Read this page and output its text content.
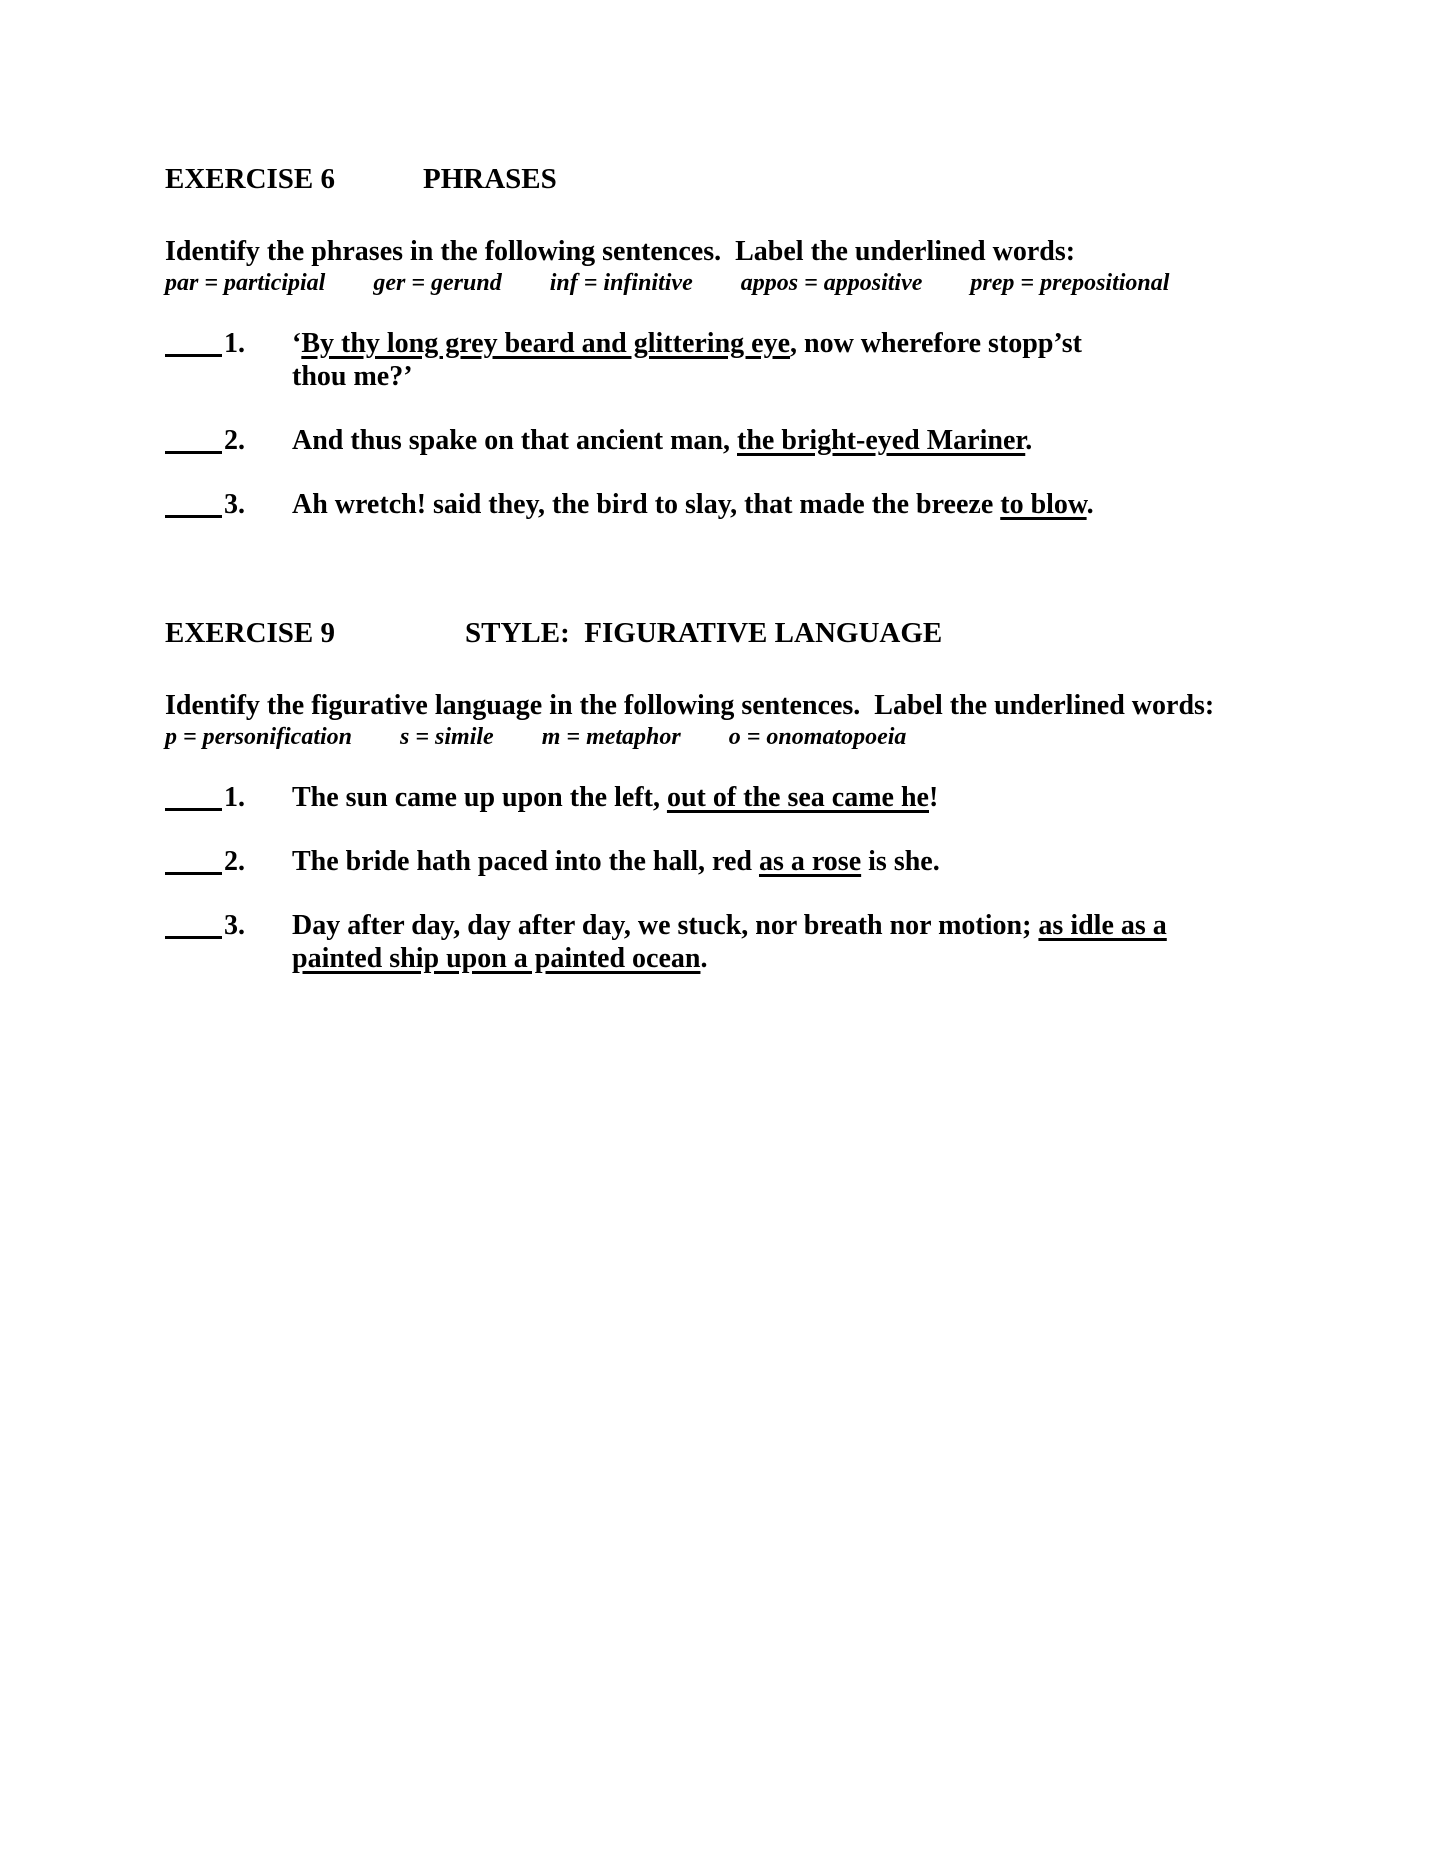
EXERCISE 6	PHRASES
Identify the phrases in the following sentences.  Label the underlined words:
par = participial ger = gerund inf = infinitive appos = appositive prep = prepositional
1.	‘By thy long grey beard and glittering eye, now wherefore stopp’st
thou me?’
2.	And thus spake on that ancient man, the bright-eyed Mariner.
3.	Ah wretch! said they, the bird to slay, that made the breeze to blow.
EXERCISE 9	STYLE:  FIGURATIVE LANGUAGE
Identify the figurative language in the following sentences.  Label the underlined words:
p = personification s = simile m = metaphor o = onomatopoeia
1.	The sun came up upon the left, out of the sea came he!
2.	The bride hath paced into the hall, red as a rose is she.
3.	Day after day, day after day, we stuck, nor breath nor motion; as idle as a
painted ship upon a painted ocean.
